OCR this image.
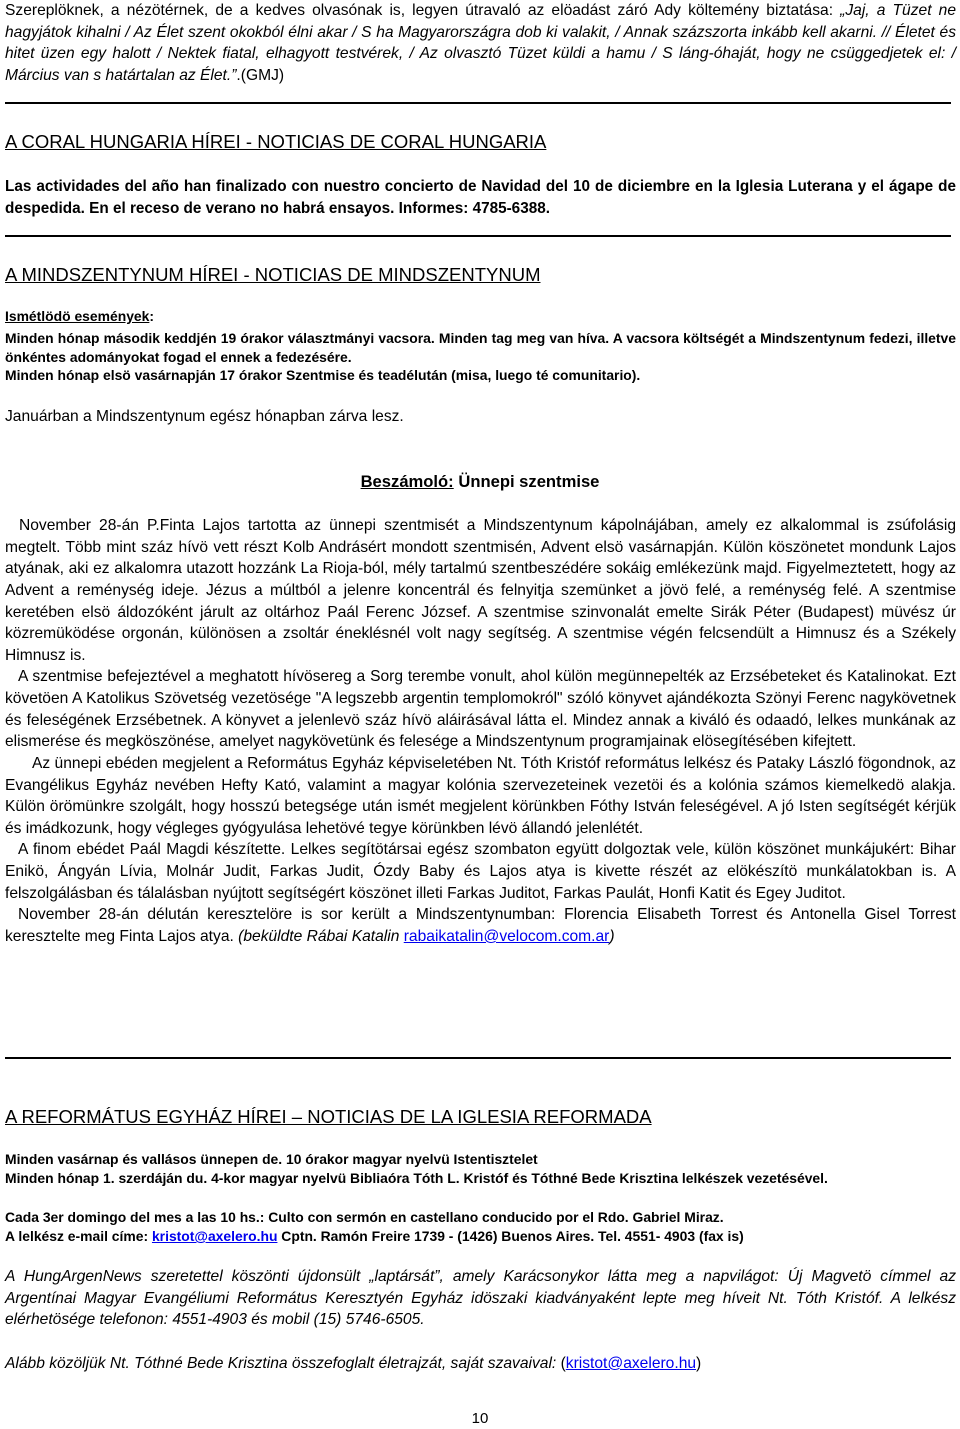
Szereplöknek, a nézötérnek, de a kedves olvasónak is, legyen útravaló az elöadást záró Ady költemény biztatása: „Jaj, a Tüzet ne hagyjátok kihalni / Az Élet szent okokból élni akar / S ha Magyarországra dob ki valakit, / Annak százszorta inkább kell akarni. // Életet és hitet üzen egy halott / Nektek fiatal, elhagyott testvérek, / Az olvasztó Tüzet küldi a hamu / S láng-óhaját, hogy ne csüggedjetek el: / Március van s határtalan az Élet.”.(GMJ)

A CORAL HUNGARIA HÍREI - NOTICIAS DE CORAL HUNGARIA

Las actividades del año han finalizado con nuestro concierto de Navidad del 10 de diciembre en la Iglesia Luterana y el ágape de despedida. En el receso de verano no habrá ensayos. Informes: 4785-6388.

A MINDSZENTYNUM HÍREI - NOTICIAS DE MINDSZENTYNUM

Ismétlödö események:

Minden hónap második keddjén 19 órakor választmányi vacsora. Minden tag meg van híva. A vacsora költségét a Mindszentynum fedezi, illetve önkéntes adományokat fogad el ennek a fedezésére.

Minden hónap elsö vasárnapján 17 órakor Szentmise és teadélután (misa, luego té comunitario).

Januárban a Mindszentynum egész hónapban zárva lesz.

Beszámoló: Ünnepi szentmise

November 28-án P.Finta Lajos tartotta az ünnepi szentmisét a Mindszentynum kápolnájában, amely ez alkalommal is zsúfolásig megtelt. Több mint száz hívö vett részt Kolb Andrásért mondott szentmisén, Advent elsö vasárnapján. Külön köszönetet mondunk Lajos atyának, aki ez alkalomra utazott hozzánk La Rioja-ból, mély tartalmú szentbeszédére sokáig emlékezünk majd. Figyelmeztetett, hogy az Advent a reménység ideje. Jézus a múltból a jelenre koncentrál és felnyitja szemünket a jövö felé, a reménység felé. A szentmise keretében elsö áldozóként járult az oltárhoz Paál Ferenc József. A szentmise szinvonalát emelte Sirák Péter (Budapest) müvész úr közremüködése orgonán, különösen a zsoltár éneklésnél volt nagy segítség. A szentmise végén felcsendült a Himnusz és a Székely Himnusz is.

A szentmise befejeztével a meghatott hívösereg a Sorg terembe vonult, ahol külön megünnepelték az Erzsébeteket és Katalinokat. Ezt követöen A Katolikus Szövetség vezetösége "A legszebb argentin templomokról" szóló könyvet ajándékozta Szönyi Ferenc nagykövetnek és feleségének Erzsébetnek. A könyvet a jelenlevö száz hívö aláirásával látta el. Mindez annak a kiváló és odaadó, lelkes munkának az elismerése és megköszönése, amelyet nagykövetünk és felesége a Mindszentynum programjainak elösegítésében kifejtett.

Az ünnepi ebéden megjelent a Református Egyház képviseletében Nt. Tóth Kristóf református lelkész és Pataky László fögondnok, az Evangélikus Egyház nevében Hefty Kató, valamint a magyar kolónia szervezeteinek vezetöi és a kolónia számos kiemelkedö alakja. Külön örömünkre szolgált, hogy hosszú betegsége után ismét megjelent körünkben Fóthy István feleségével. A jó Isten segítségét kérjük és imádkozunk, hogy végleges gyógyulása lehetövé tegye körünkben lévö állandó jelenlétét.

A finom ebédet Paál Magdi készítette. Lelkes segítötársai egész szombaton együtt dolgoztak vele, külön köszönet munkájukért: Bihar Enikö, Ángyán Lívia, Molnár Judit, Farkas Judit, Ózdy Baby és Lajos atya is kivette részét az elökészítö munkálatokban is. A felszolgálásban és tálalásban nyújtott segítségért köszönet illeti Farkas Juditot, Farkas Paulát, Honfi Katit és Egey Juditot.

November 28-án délután keresztelöre is sor került a Mindszentynumban: Florencia Elisabeth Torrest és Antonella Gisel Torrest keresztelte meg Finta Lajos atya. (beküldte Rábai Katalin rabaikatalin@velocom.com.ar)

A REFORMÁTUS EGYHÁZ HÍREI – NOTICIAS DE LA IGLESIA REFORMADA

Minden vasárnap és vallásos ünnepen de. 10 órakor magyar nyelvü Istentisztelet

Minden hónap 1. szerdáján du. 4-kor magyar nyelvü Bibliaóra Tóth L. Kristóf és Tóthné Bede Krisztina lelkészek vezetésével.

Cada 3er domingo del mes a las 10 hs.: Culto con sermón en castellano conducido por el Rdo. Gabriel Miraz.

A lelkész e-mail címe: kristot@axelero.hu Cptn. Ramón Freire 1739 - (1426) Buenos Aires. Tel. 4551- 4903 (fax is)

A HungArgenNews szeretettel köszönti újdonsült „laptársát”, amely Karácsonykor látta meg a napvilágot: Új Magvetö címmel az Argentínai Magyar Evangéliumi Református Keresztyén Egyház idöszaki kiadványaként lepte meg híveit Nt. Tóth Kristóf. A lelkész elérhetösége telefonon: 4551-4903 és mobil (15) 5746-6505.

Alább közöljük Nt. Tóthné Bede Krisztina összefoglalt életrajzát, saját szavaival: (kristot@axelero.hu)

10
